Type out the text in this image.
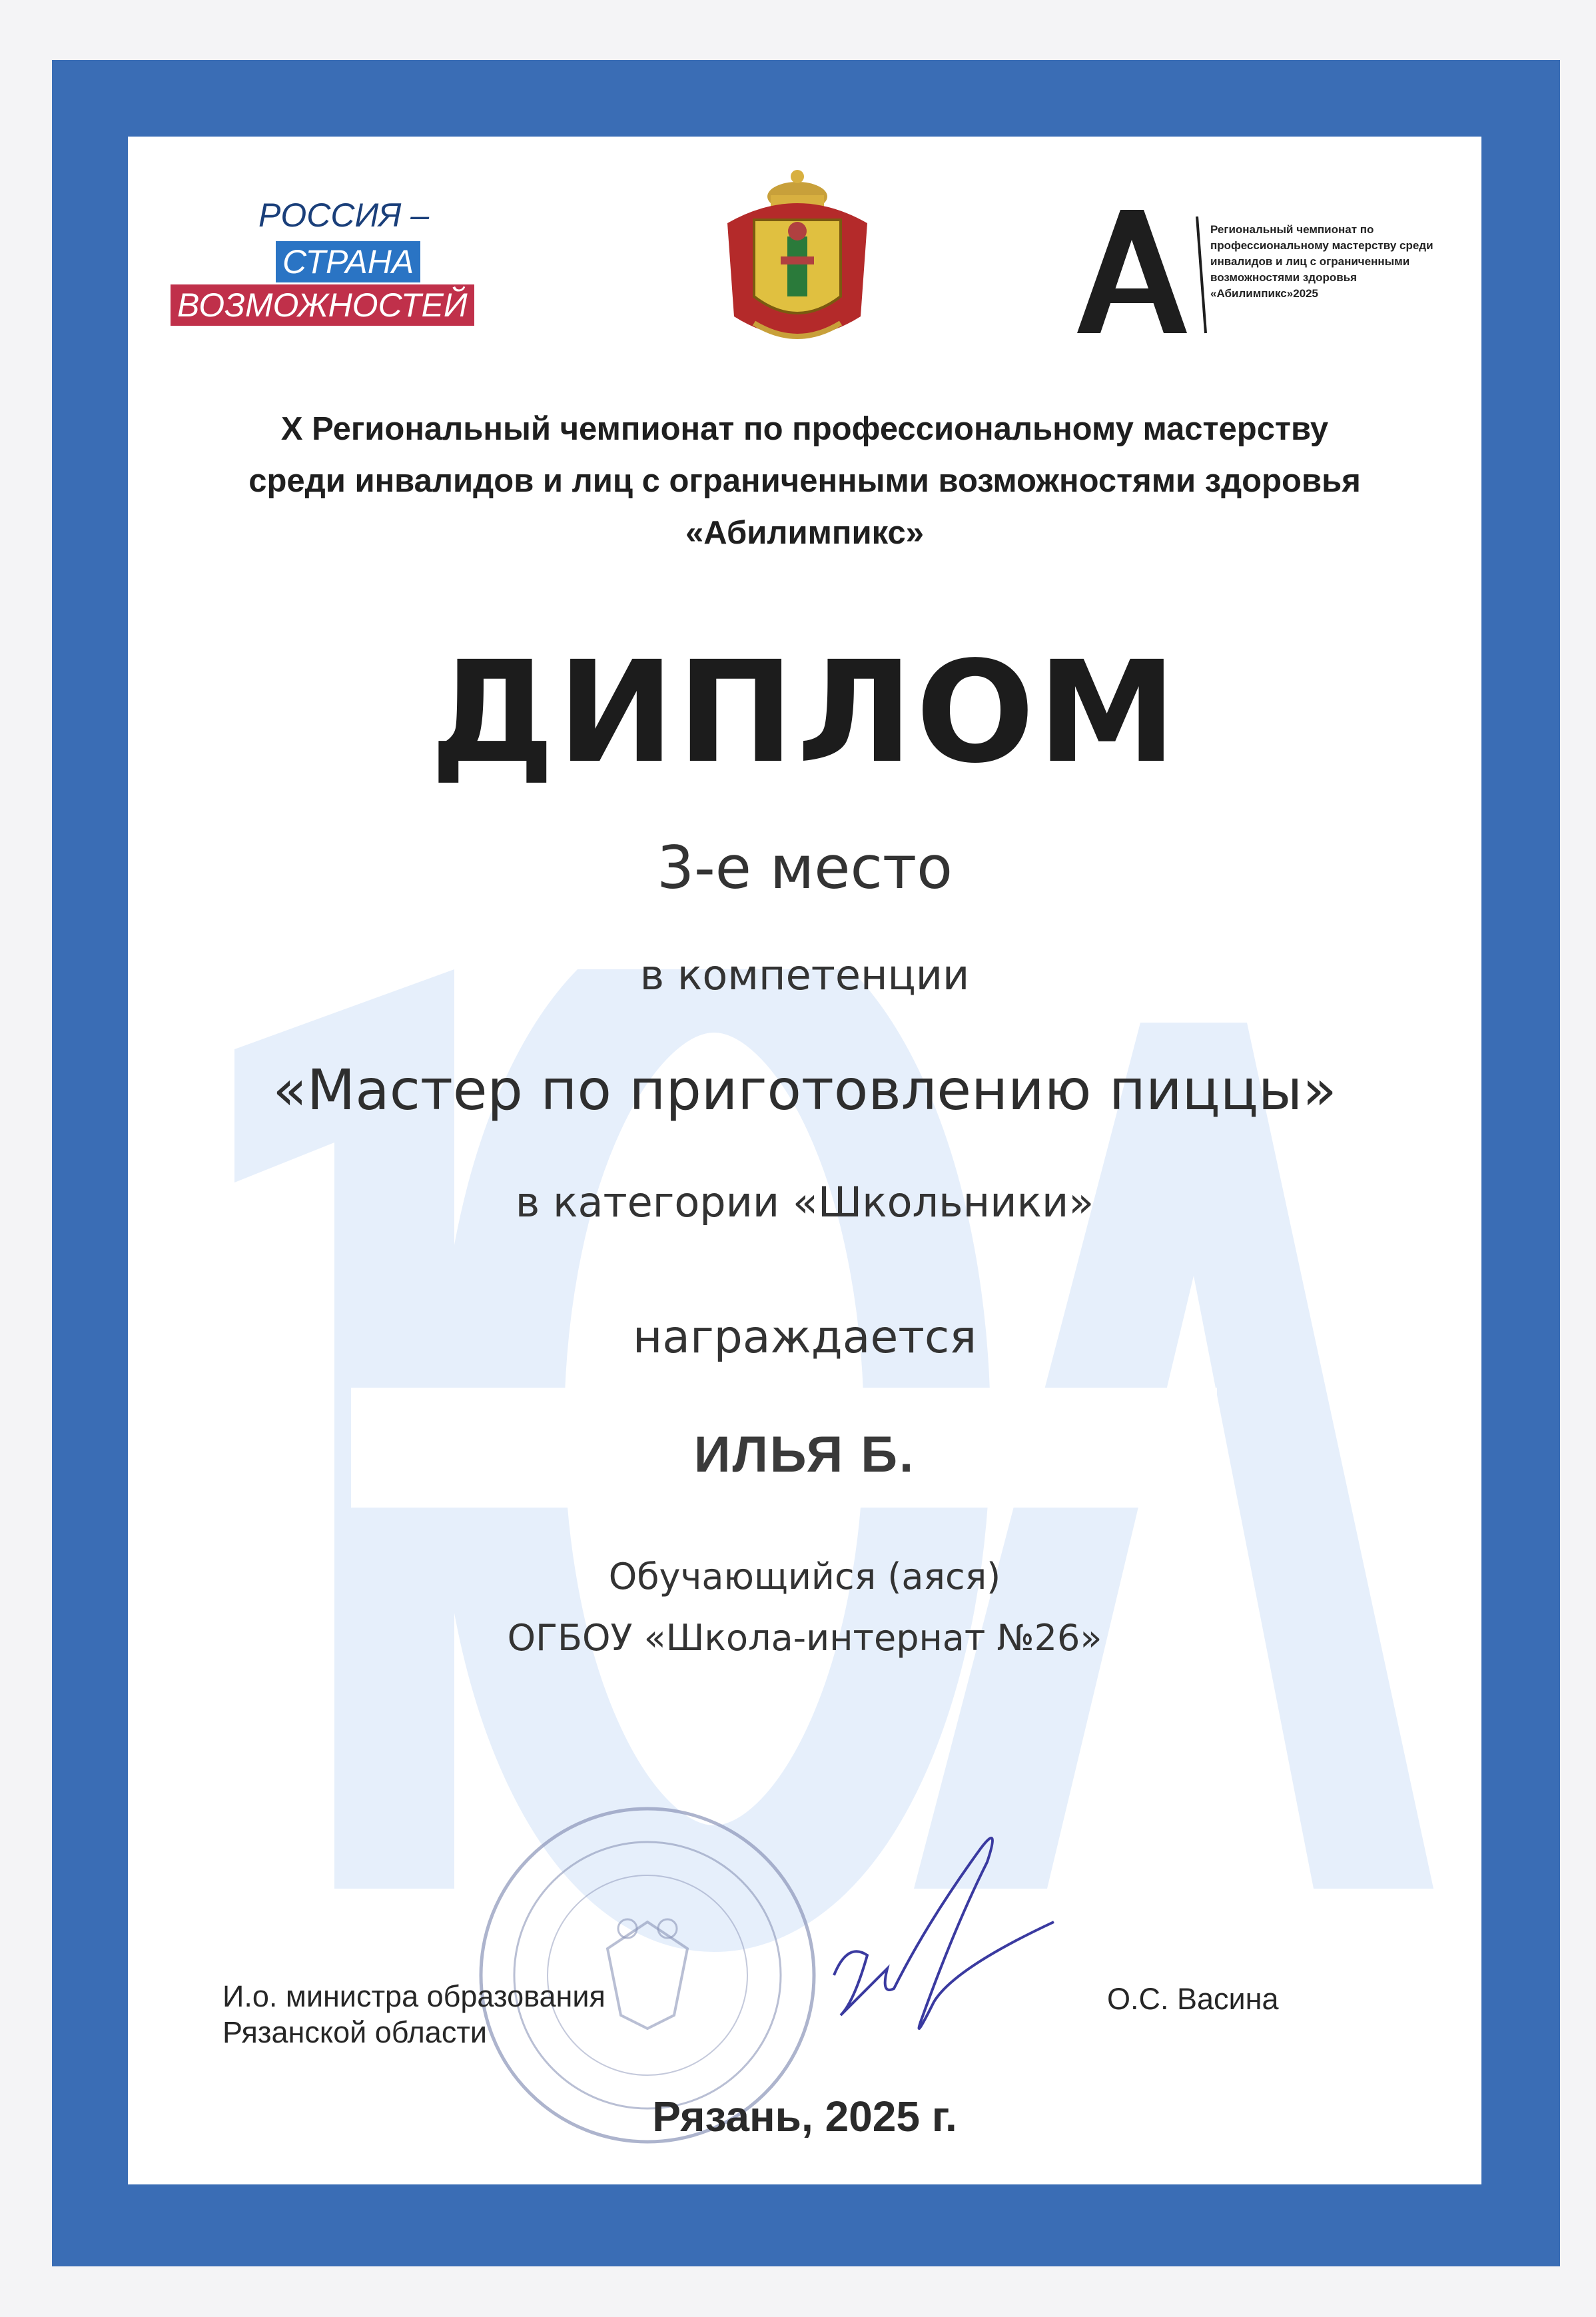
РОССИЯ –
СТРАНА
ВОЗМОЖНОСТЕЙ
Региональный чемпионат по профессиональному мастерству среди инвалидов и лиц с ограниченными возможностями здоровья «Абилимпикс»2025
X Региональный чемпионат по профессиональному мастерству
среди инвалидов и лиц с ограниченными возможностями здоровья
«Абилимпикс»
ДИПЛОМ
3-е место
в компетенции
«Мастер по приготовлению пиццы»
в категории «Школьники»
награждается
ИЛЬЯ Б.
Обучающийся (аяся)
ОГБОУ «Школа-интернат №26»
И.о. министра образования
Рязанской области
О.С. Васина
Рязань, 2025 г.
